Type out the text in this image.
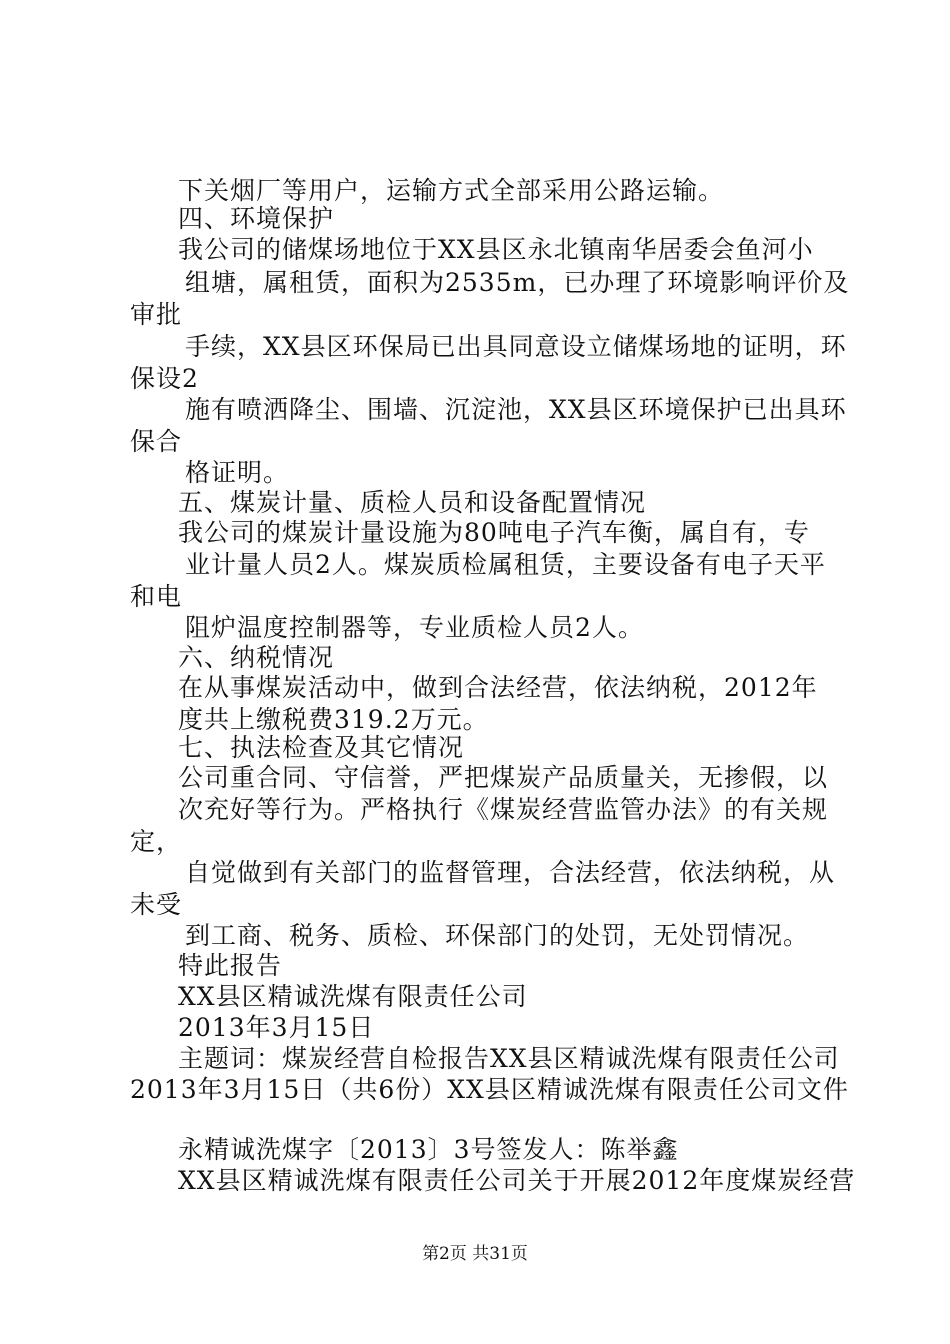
下关烟厂等用户，运输方式全部采用公路运输。
四、环境保护
我公司的储煤场地位于XX县区永北镇南华居委会鱼河小
组塘，属租赁，面积为2535m，已办理了环境影响评价及
审批
手续，XX县区环保局已出具同意设立储煤场地的证明，环
保设2
施有喷洒降尘、围墙、沉淀池，XX县区环境保护已出具环
保合
格证明。
五、煤炭计量、质检人员和设备配置情况
我公司的煤炭计量设施为80吨电子汽车衡，属自有，专
业计量人员2人。煤炭质检属租赁，主要设备有电子天平
和电
阻炉温度控制器等，专业质检人员2人。
六、纳税情况
在从事煤炭活动中，做到合法经营，依法纳税，2012年
度共上缴税费319.2万元。
七、执法检查及其它情况
公司重合同、守信誉，严把煤炭产品质量关，无掺假，以
次充好等行为。严格执行《煤炭经营监管办法》的有关规
定，
自觉做到有关部门的监督管理，合法经营，依法纳税，从
未受
到工商、税务、质检、环保部门的处罚，无处罚情况。
特此报告
XX县区精诚洗煤有限责任公司
2013年3月15日
主题词：煤炭经营自检报告XX县区精诚洗煤有限责任公司
2013年3月15日（共6份）XX县区精诚洗煤有限责任公司文件
永精诚洗煤字〔2013〕3号签发人：陈举鑫
XX县区精诚洗煤有限责任公司关于开展2012年度煤炭经营
第2页 共31页
